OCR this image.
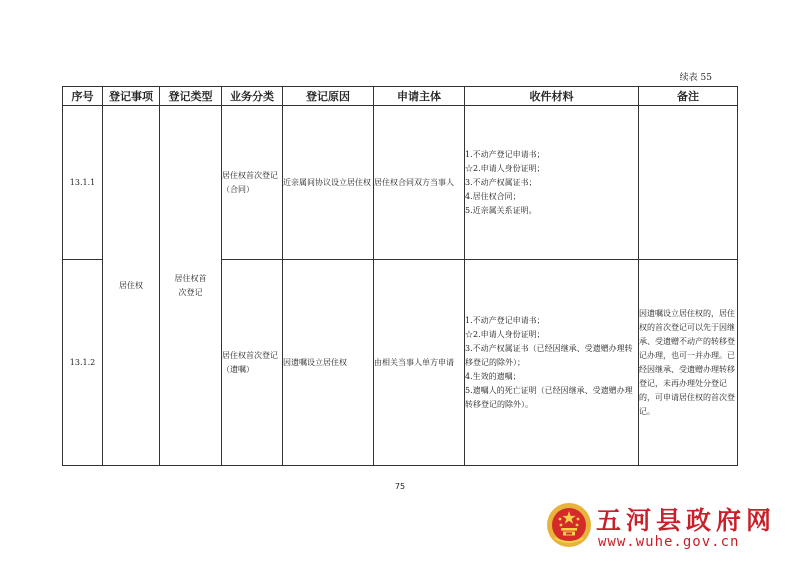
续表 55
序号	登记事项	登记类型	业务分类	登记原因	申请主体	收件材料	备注
13.1.1	居住权	居住权首次登记	居住权首次登记（合同）	近亲属间协议设立居住权	居住权合同双方当事人	1.不动产登记申请书；
☆2.申请人身份证明；
3.不动产权属证书；
4.居住权合同；
5.近亲属关系证明。	

13.1.2			居住权首次登记（遗嘱）	因遗嘱设立居住权	由相关当事人单方申请	1.不动产登记申请书；
☆2.申请人身份证明；
3.不动产权属证书（已经因继承、受遗赠办理转移登记的除外）；
4.生效的遗嘱；
5.遗嘱人的死亡证明（已经因继承、受遗赠办理转移登记的除外）。	因遗嘱设立居住权的，居住权的首次登记可以先于因继承、受遗赠不动产的转移登记办理，也可一并办理。已经因继承、受遗赠办理转移登记，未再办理处分登记的，可申请居住权的首次登记。
75
五河县政府网
www.wuhe.gov.cn
